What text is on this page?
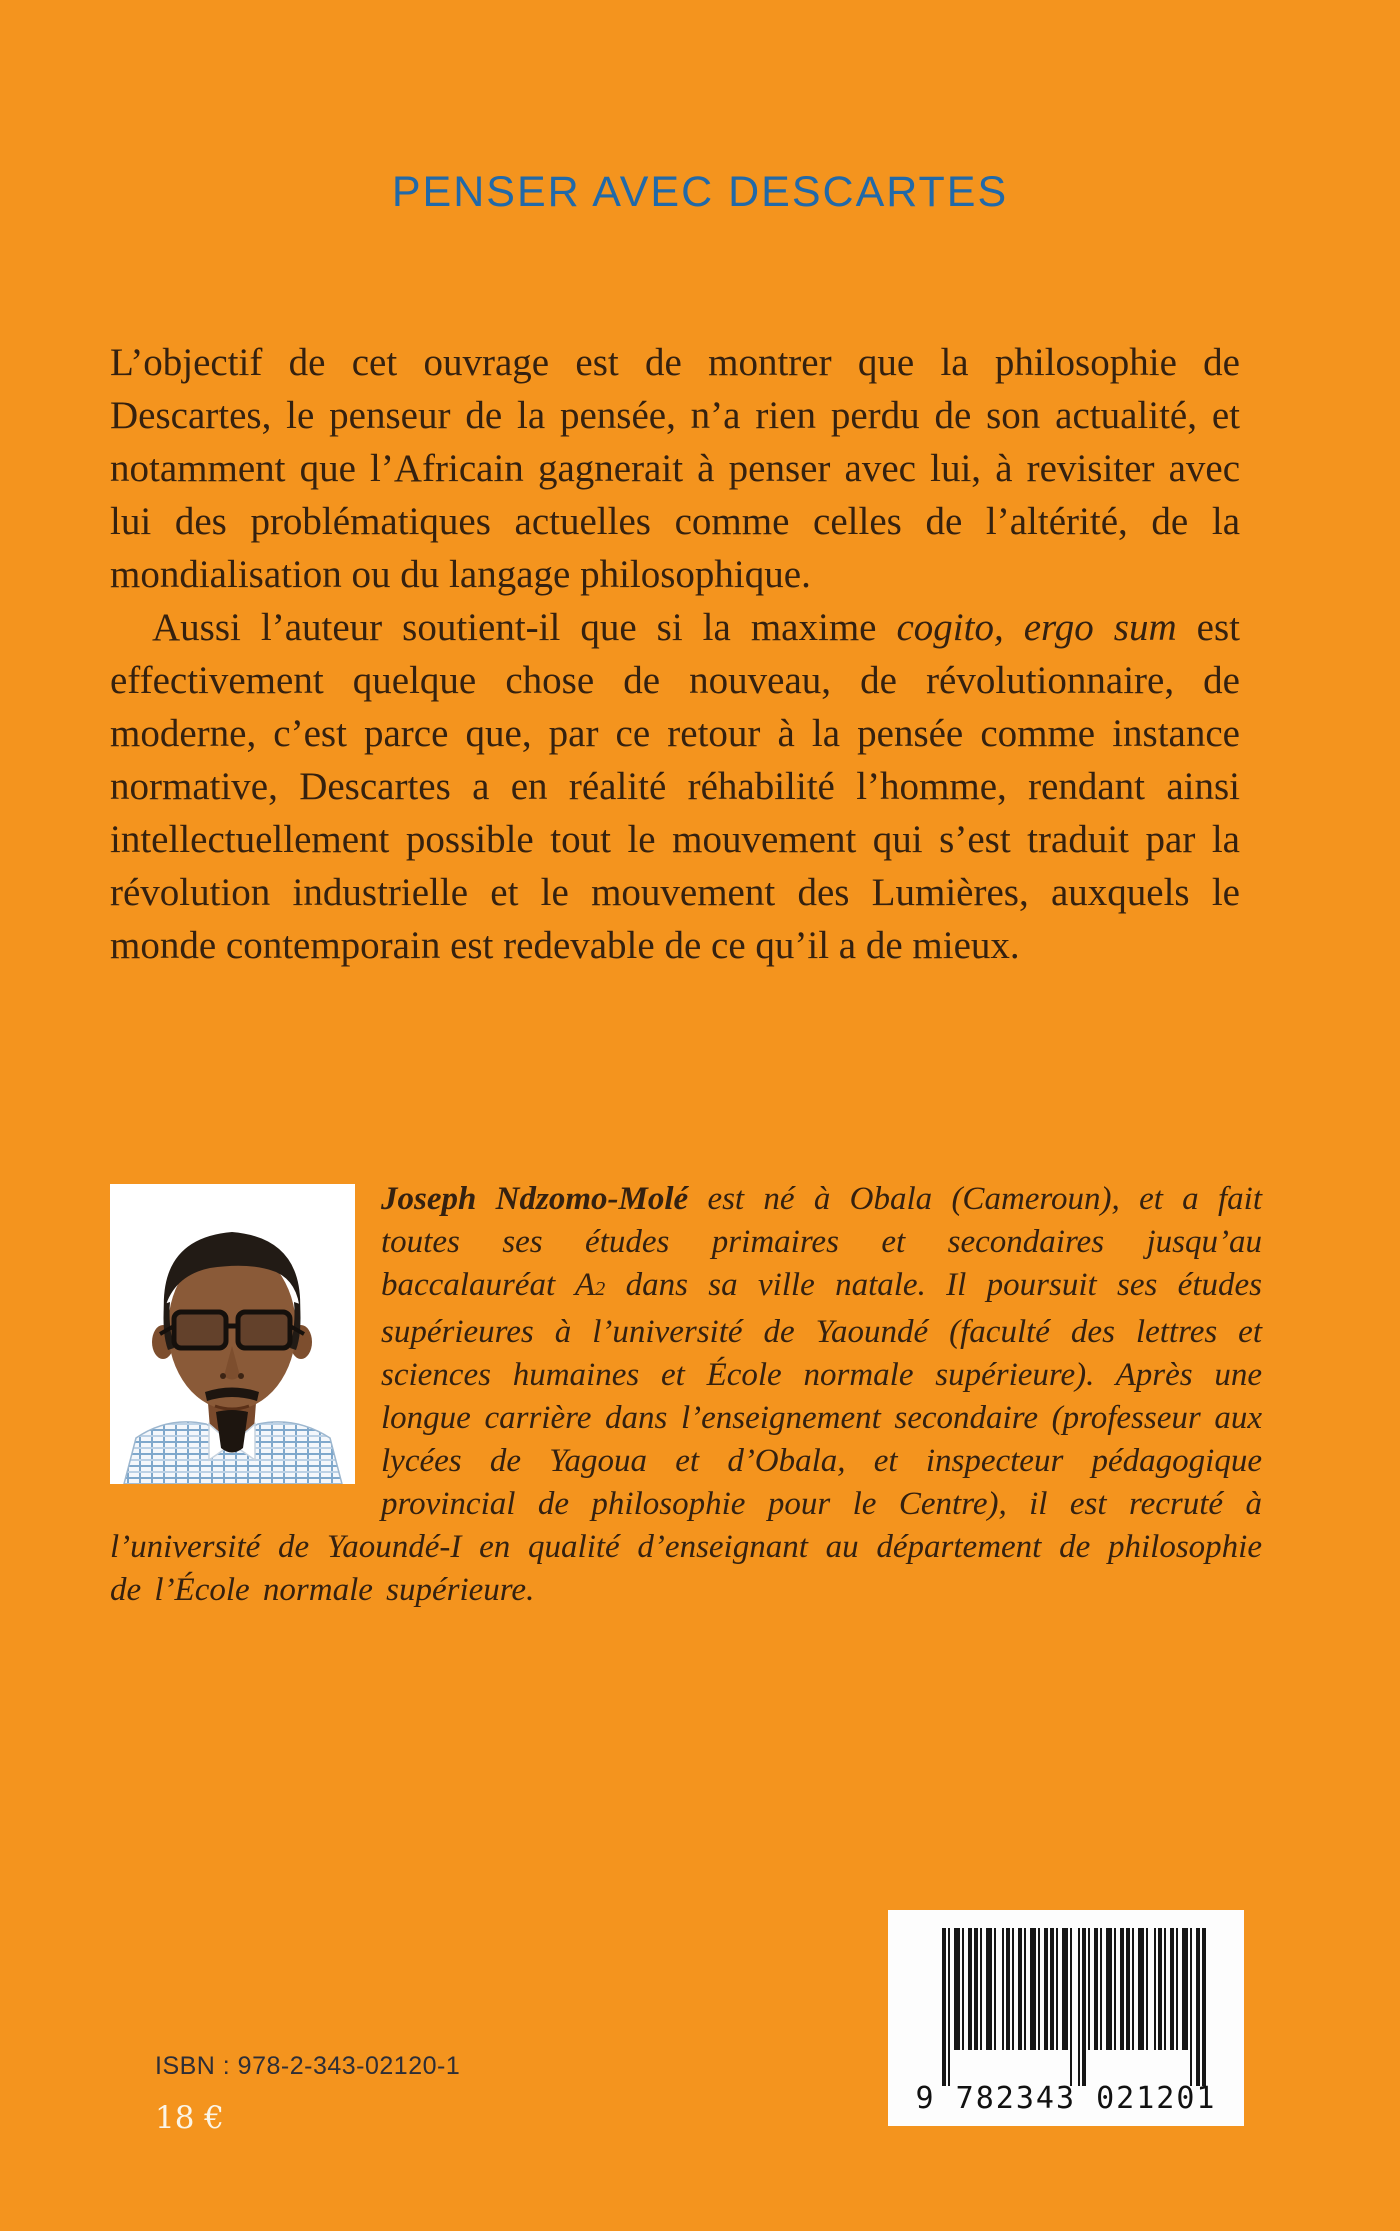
PENSER AVEC DESCARTES

L’objectif de cet ouvrage est de montrer que la philosophie de Descartes, le penseur de la pensée, n’a rien perdu de son actualité, et notamment que l’Africain gagnerait à penser avec lui, à revisiter avec lui des problématiques actuelles comme celles de l’altérité, de la mondialisation ou du langage philosophique.

Aussi l’auteur soutient-il que si la maxime cogito, ergo sum est effectivement quelque chose de nouveau, de révolutionnaire, de moderne, c’est parce que, par ce retour à la pensée comme instance normative, Descartes a en réalité réhabilité l’homme, rendant ainsi intellectuellement possible tout le mouvement qui s’est traduit par la révolution industrielle et le mouvement des Lumières, auxquels le monde contemporain est redevable de ce qu’il a de mieux.

Joseph Ndzomo-Molé est né à Obala (Cameroun), et a fait toutes ses études primaires et secondaires jusqu’au baccalauréat A2 dans sa ville natale. Il poursuit ses études supérieures à l’université de Yaoundé (faculté des lettres et sciences humaines et École normale supérieure). Après une longue carrière dans l’enseignement secondaire (professeur aux lycées de Yagoua et d’Obala, et inspecteur pédagogique provincial de philosophie pour le Centre), il est recruté à l’université de Yaoundé-I en qualité d’enseignant au département de philosophie de l’École normale supérieure.

ISBN : 978-2-343-02120-1
18 €
9 782343 021201
